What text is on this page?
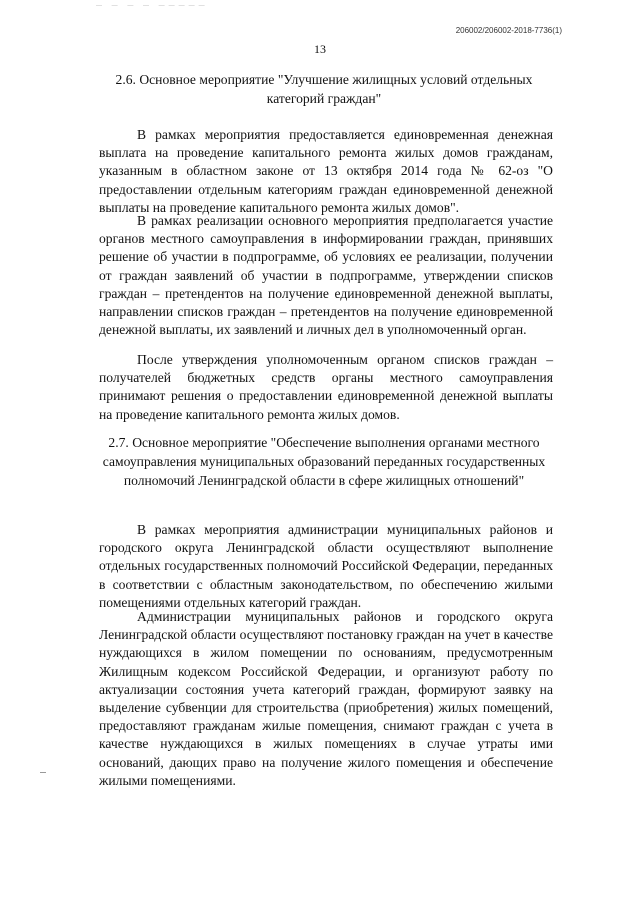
— — — — —————
206002/206002-2018-7736(1)
13
2.6. Основное мероприятие "Улучшение жилищных условий отдельных категорий граждан"

В рамках мероприятия предоставляется единовременная денежная выплата на проведение капитального ремонта жилых домов гражданам, указанным в областном законе от 13 октября 2014 года № 62-оз "О предоставлении отдельным категориям граждан единовременной денежной выплаты на проведение капитального ремонта жилых домов".

В рамках реализации основного мероприятия предполагается участие органов местного самоуправления в информировании граждан, принявших решение об участии в подпрограмме, об условиях ее реализации, получении от граждан заявлений об участии в подпрограмме, утверждении списков граждан – претендентов на получение единовременной денежной выплаты, направлении списков граждан – претендентов на получение единовременной денежной выплаты, их заявлений и личных дел в уполномоченный орган.

После утверждения уполномоченным органом списков граждан – получателей бюджетных средств органы местного самоуправления принимают решения о предоставлении единовременной денежной выплаты на проведение капитального ремонта жилых домов.

2.7. Основное мероприятие "Обеспечение выполнения органами местного самоуправления муниципальных образований переданных государственных полномочий Ленинградской области в сфере жилищных отношений"

В рамках мероприятия администрации муниципальных районов и городского округа Ленинградской области осуществляют выполнение отдельных государственных полномочий Российской Федерации, переданных в соответствии с областным законодательством, по обеспечению жилыми помещениями отдельных категорий граждан.

Администрации муниципальных районов и городского округа Ленинградской области осуществляют постановку граждан на учет в качестве нуждающихся в жилом помещении по основаниям, предусмотренным Жилищным кодексом Российской Федерации, и организуют работу по актуализации состояния учета категорий граждан, формируют заявку на выделение субвенции для строительства (приобретения) жилых помещений, предоставляют гражданам жилые помещения, снимают граждан с учета в качестве нуждающихся в жилых помещениях в случае утраты ими оснований, дающих право на получение жилого помещения и обеспечение жилыми помещениями.
